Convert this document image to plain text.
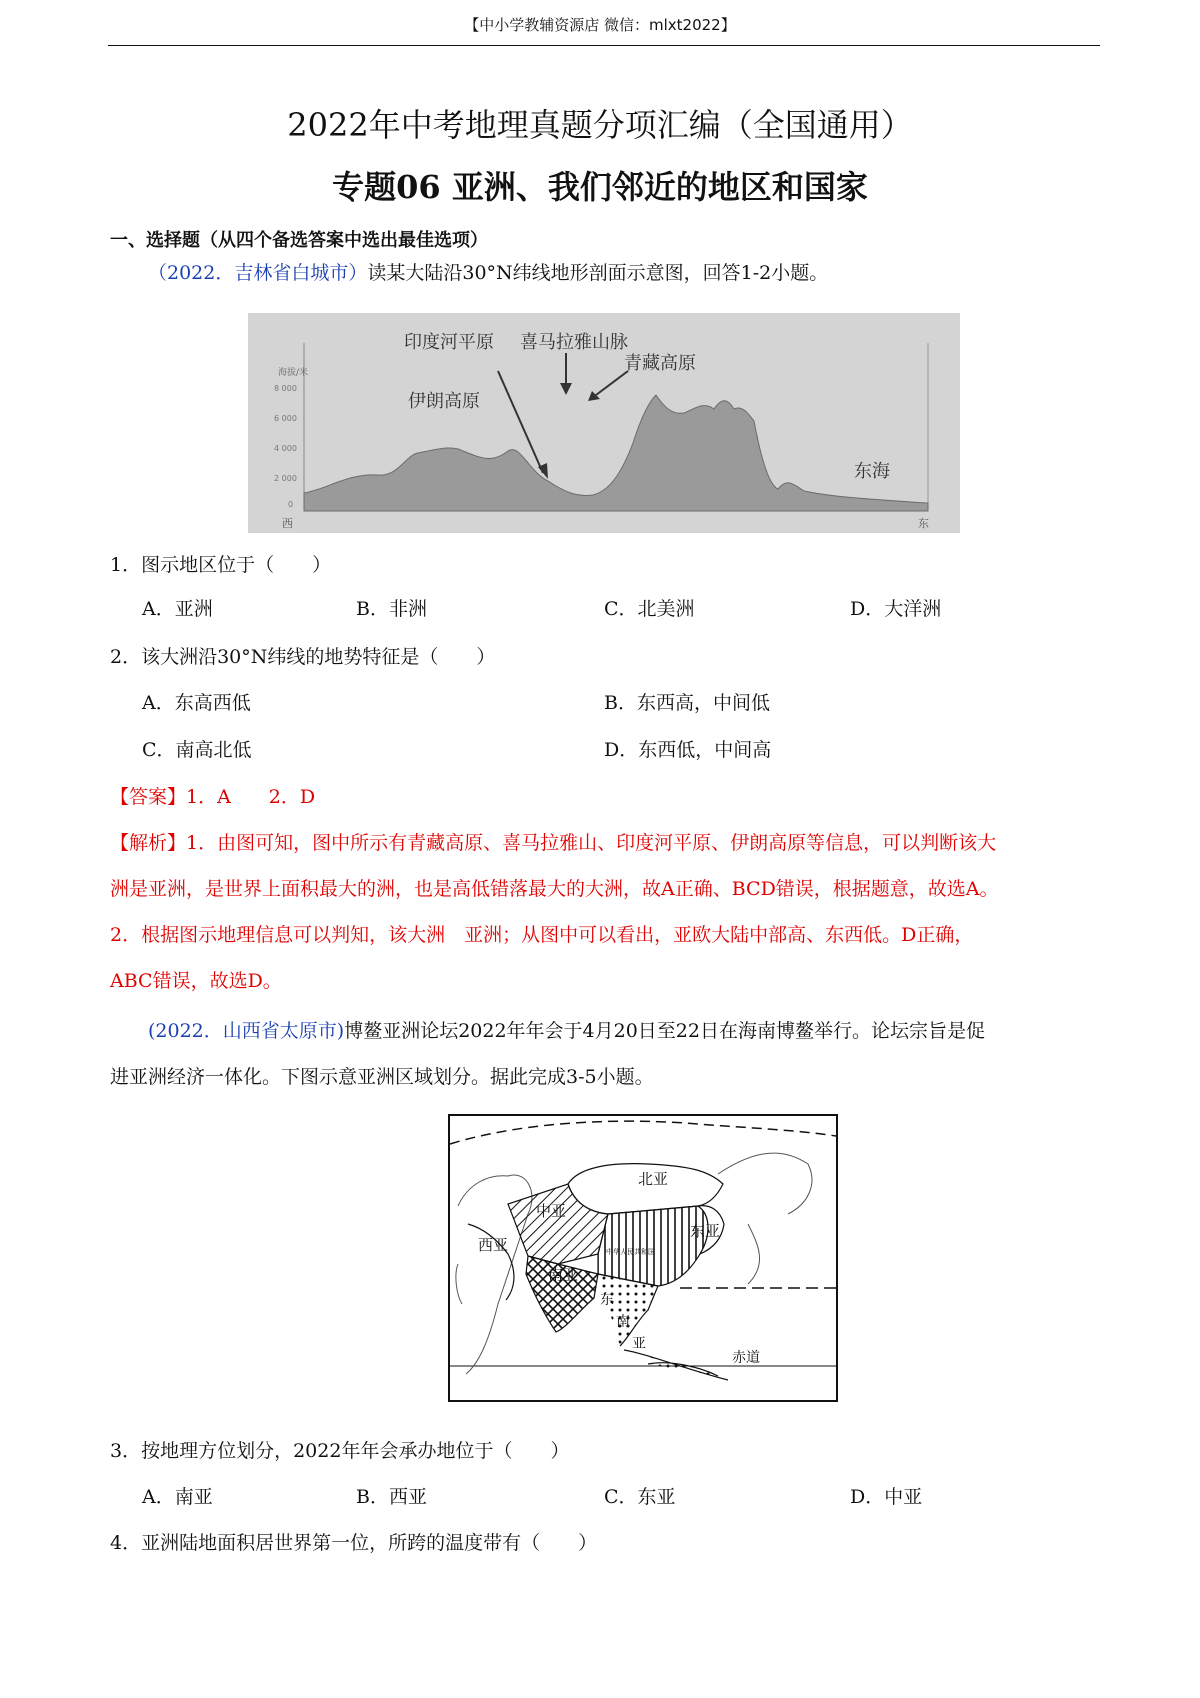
【中小学教辅资源店 微信：mlxt2022】
2022年中考地理真题分项汇编（全国通用）
专题06 亚洲、我们邻近的地区和国家
一、选择题（从四个备选答案中选出最佳选项）
（2022．吉林省白城市）读某大陆沿30°N纬线地形剖面示意图，回答1-2小题。
海拔/米
8 000
6 000
4 000
2 000
0
印度河平原 喜马拉雅山脉
青藏高原
伊朗高原
东海
西	东
1．图示地区位于（　　）
A．亚洲	B．非洲	C．北美洲	D．大洋洲
2．该大洲沿30°N纬线的地势特征是（　　）
A．东高西低	B．东西高，中间低
C．南高北低	D．东西低，中间高
【答案】1．A　　2．D
【解析】1．由图可知，图中所示有青藏高原、喜马拉雅山、印度河平原、伊朗高原等信息，可以判断该大
洲是亚洲，是世界上面积最大的洲，也是高低错落最大的大洲，故A正确、BCD错误，根据题意，故选A。
2．根据图示地理信息可以判知，该大洲　亚洲；从图中可以看出，亚欧大陆中部高、东西低。D正确，
ABC错误，故选D。
(2022．山西省太原市)博鳌亚洲论坛2022年年会于4月20日至22日在海南博鳌举行。论坛宗旨是促
进亚洲经济一体化。下图示意亚洲区域划分。据此完成3-5小题。
北亚
中亚
东亚
西亚	中华人民共和国
南亚
东
南
亚
赤道
3．按地理方位划分，2022年年会承办地位于（　　）
A．南亚	B．西亚	C．东亚	D．中亚
4．亚洲陆地面积居世界第一位，所跨的温度带有（　　）
